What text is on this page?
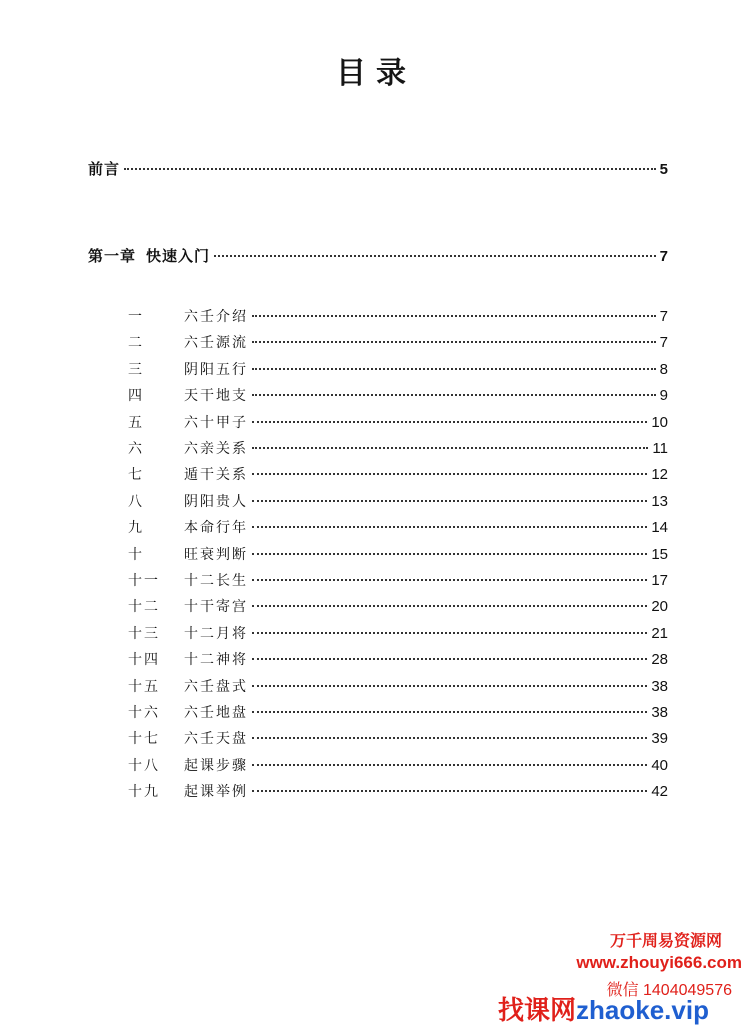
目录
前言	5
第一章 快速入门	7
一	六壬介绍	7
二	六壬源流	7
三	阴阳五行	8
四	天干地支	9
五	六十甲子	10
六	六亲关系	11
七	遁干关系	12
八	阴阳贵人	13
九	本命行年	14
十	旺衰判断	15
十一	十二长生	17
十二	十干寄宫	20
十三	十二月将	21
十四	十二神将	28
十五	六壬盘式	38
十六	六壬地盘	38
十七	六壬天盘	39
十八	起课步骤	40
十九	起课举例	42
万千周易资源网
www.zhouyi666.com
微信 1404049576
找课网zhaoke.vip
